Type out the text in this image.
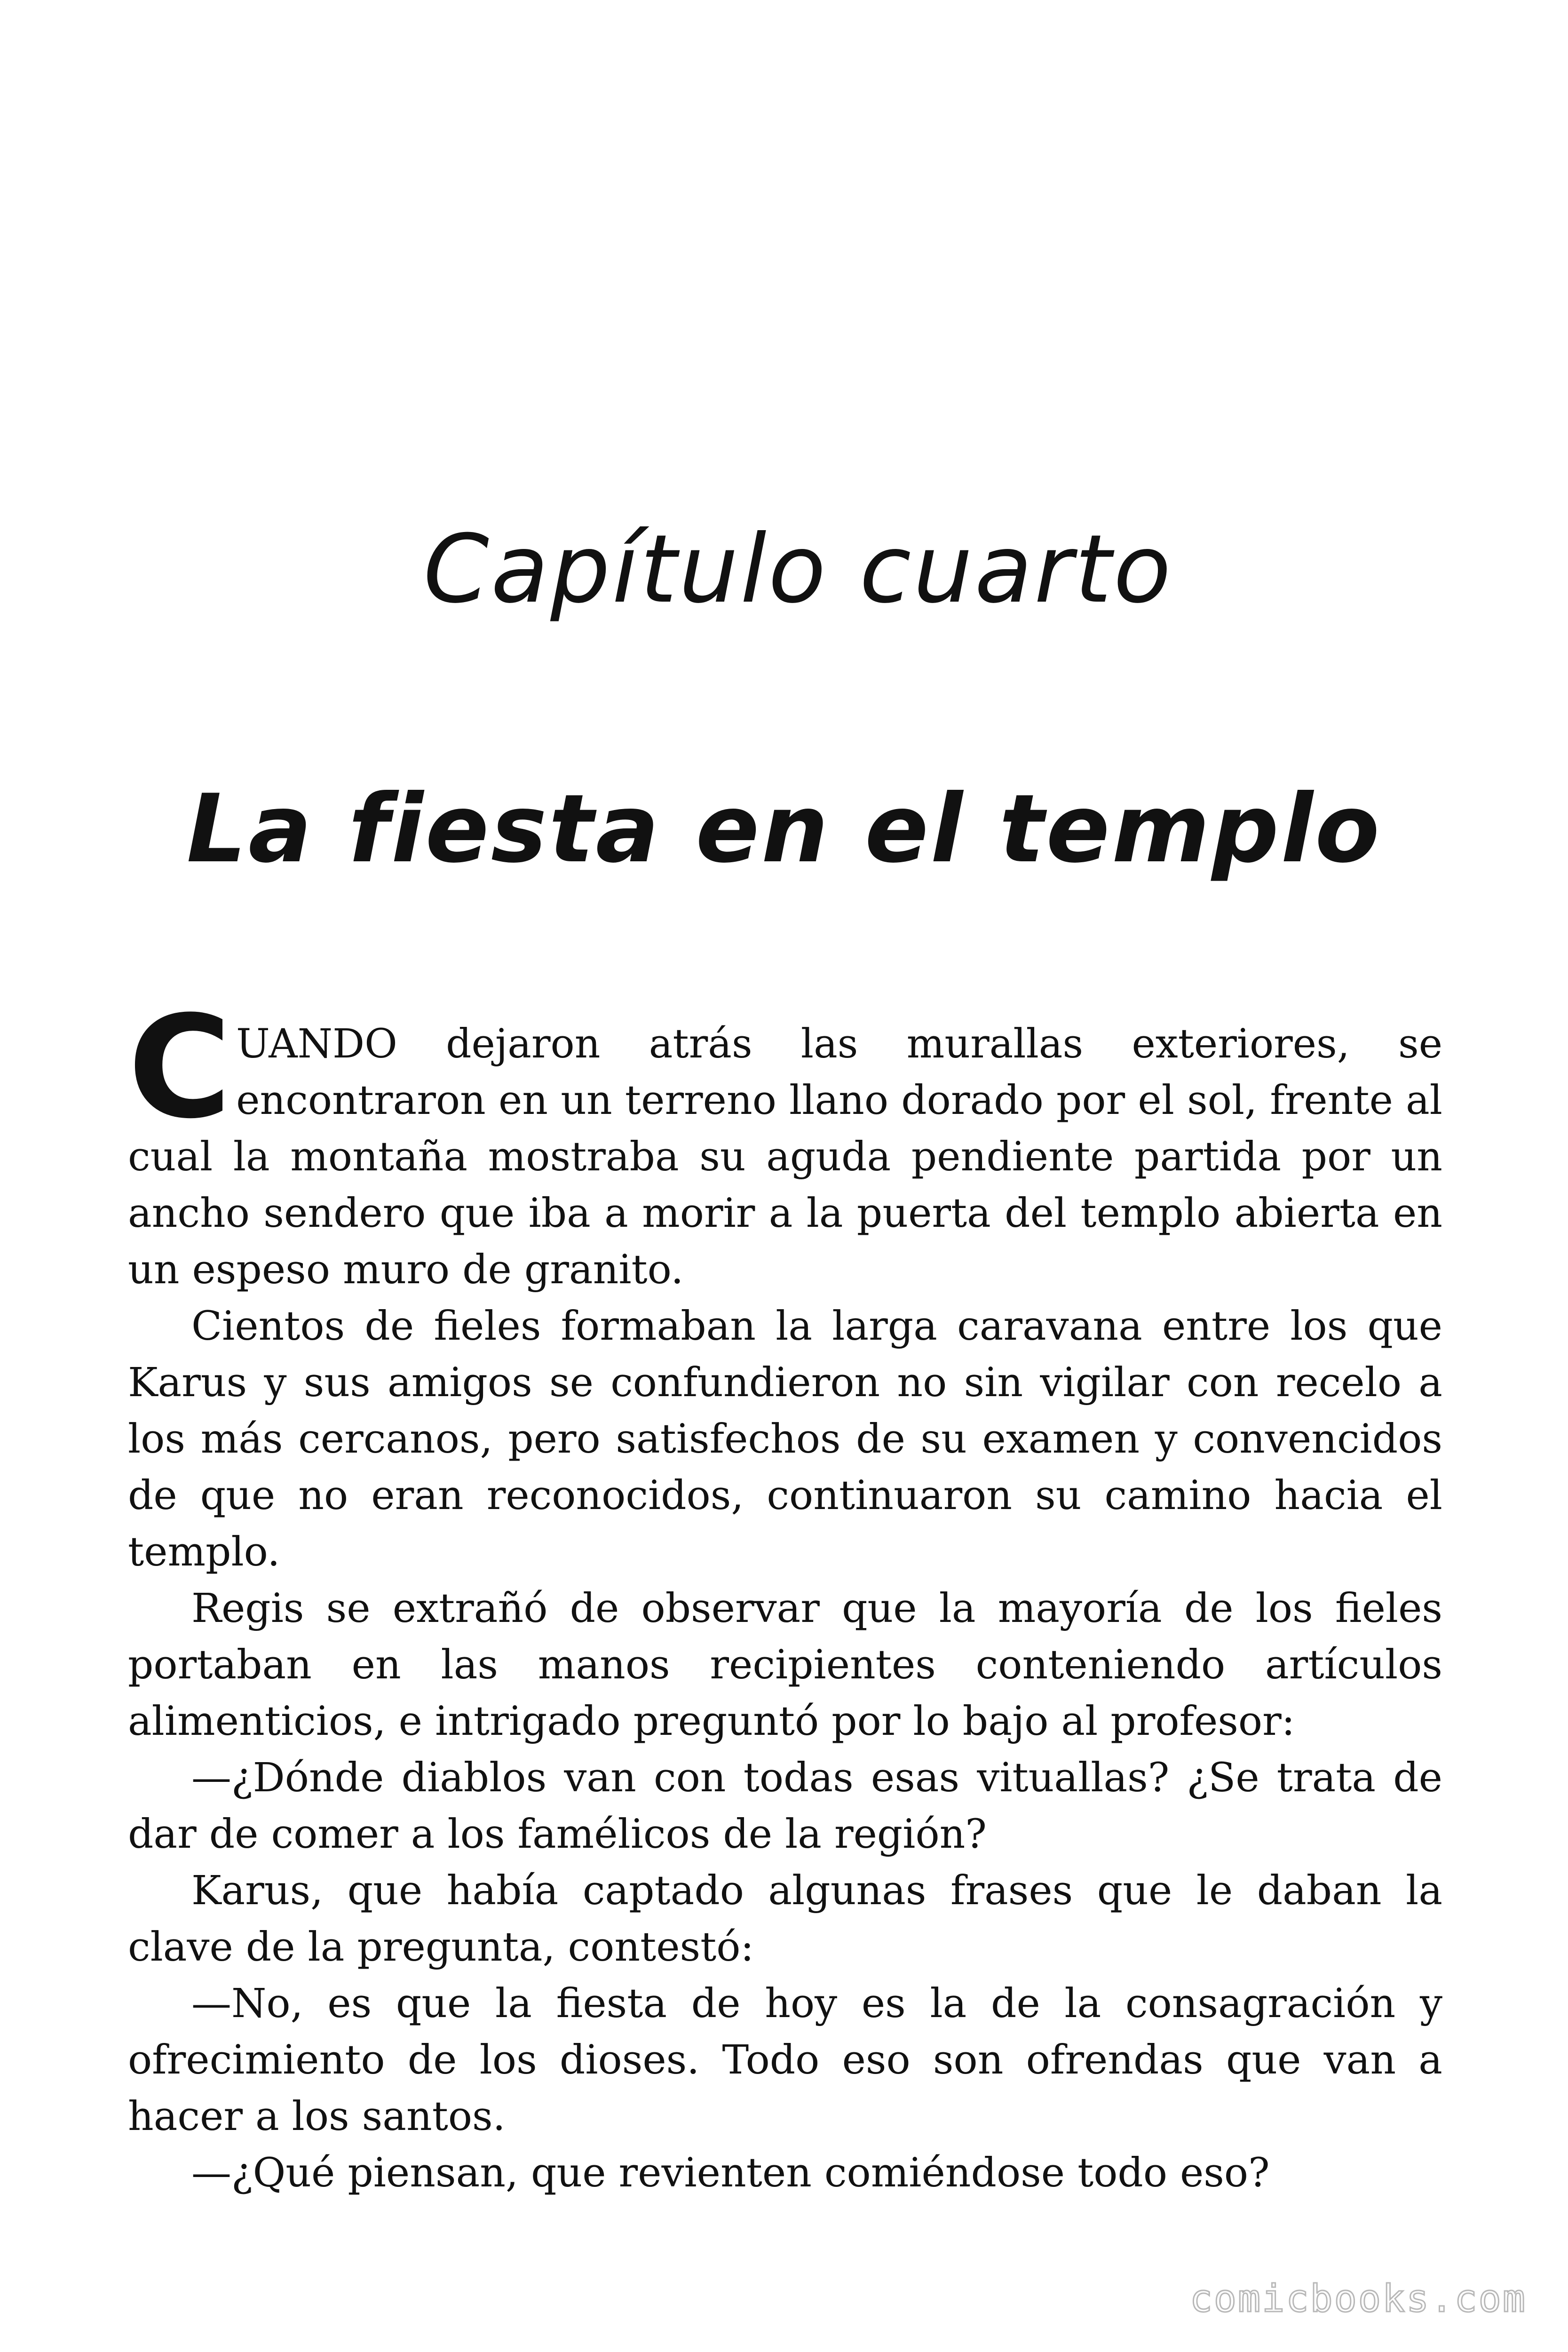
Capítulo cuarto
La fiesta en el templo

CUANDO dejaron atrás las murallas exteriores, se encontraron en un terreno llano dorado por el sol, frente al cual la montaña mostraba su aguda pendiente partida por un ancho sendero que iba a morir a la puerta del templo abierta en un espeso muro de granito.

Cientos de fieles formaban la larga caravana entre los que Karus y sus amigos se confundieron no sin vigilar con recelo a los más cercanos, pero satisfechos de su examen y convencidos de que no eran reconocidos, continuaron su camino hacia el templo.

Regis se extrañó de observar que la mayoría de los fieles portaban en las manos recipientes conteniendo artículos alimenticios, e intrigado preguntó por lo bajo al profesor:

—¿Dónde diablos van con todas esas vituallas? ¿Se trata de dar de comer a los famélicos de la región?

Karus, que había captado algunas frases que le daban la clave de la pregunta, contestó:

—No, es que la fiesta de hoy es la de la consagración y ofrecimiento de los dioses. Todo eso son ofrendas que van a hacer a los santos.

—¿Qué piensan, que revienten comiéndose todo eso?

comicbooks.com
